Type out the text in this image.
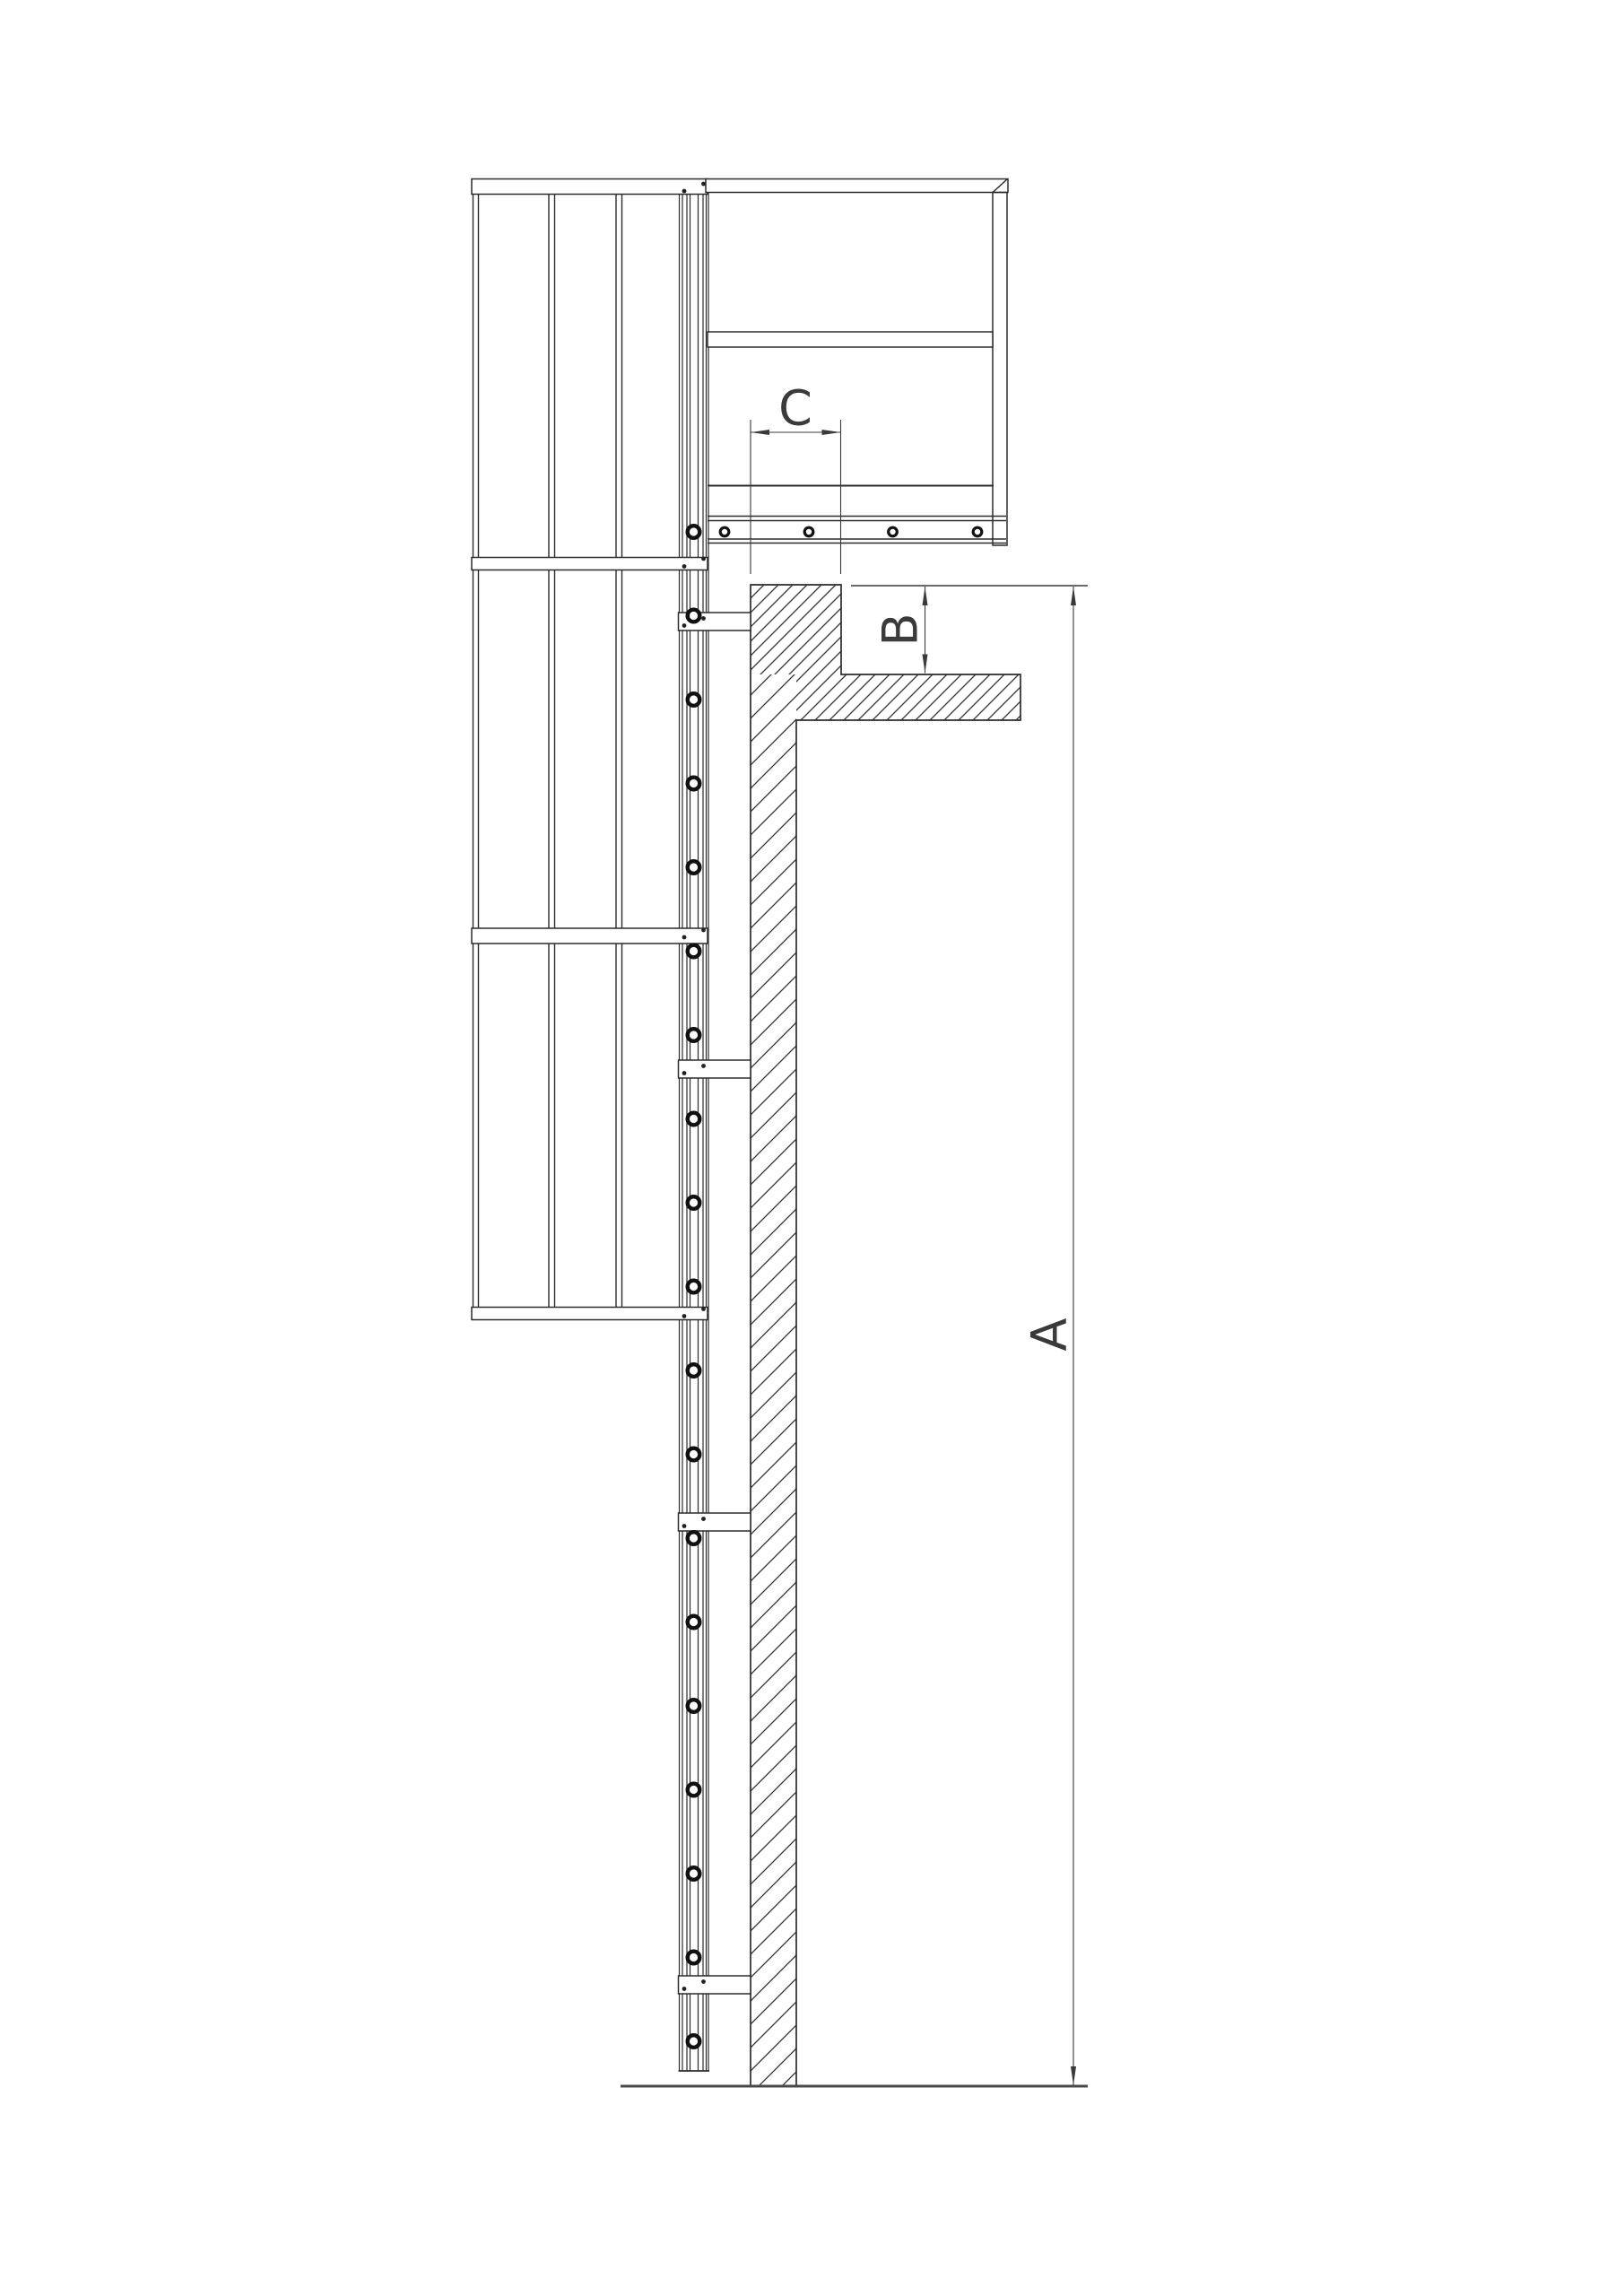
C
B
A
